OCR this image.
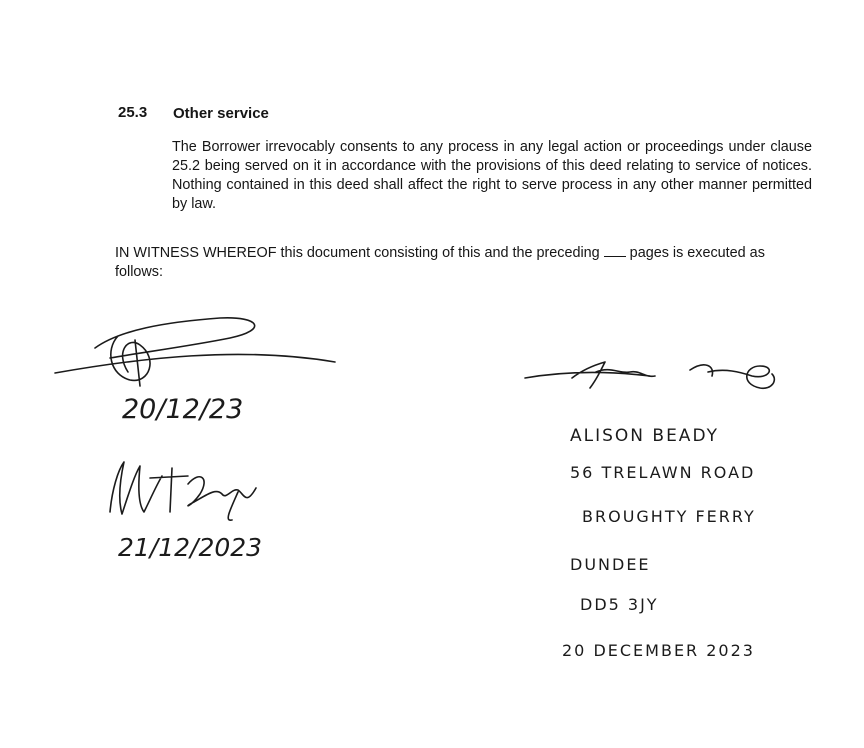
25.3 Other service

The Borrower irrevocably consents to any process in any legal action or proceedings under clause 25.2 being served on it in accordance with the provisions of this deed relating to service of notices. Nothing contained in this deed shall affect the right to serve process in any other manner permitted by law.

IN WITNESS WHEREOF this document consisting of this and the preceding  pages is executed as follows:

20/12/23
21/12/2023
ALISON BEADY
56 TRELAWN ROAD
BROUGHTY FERRY
DUNDEE
DD5 3JY
20 DECEMBER 2023
